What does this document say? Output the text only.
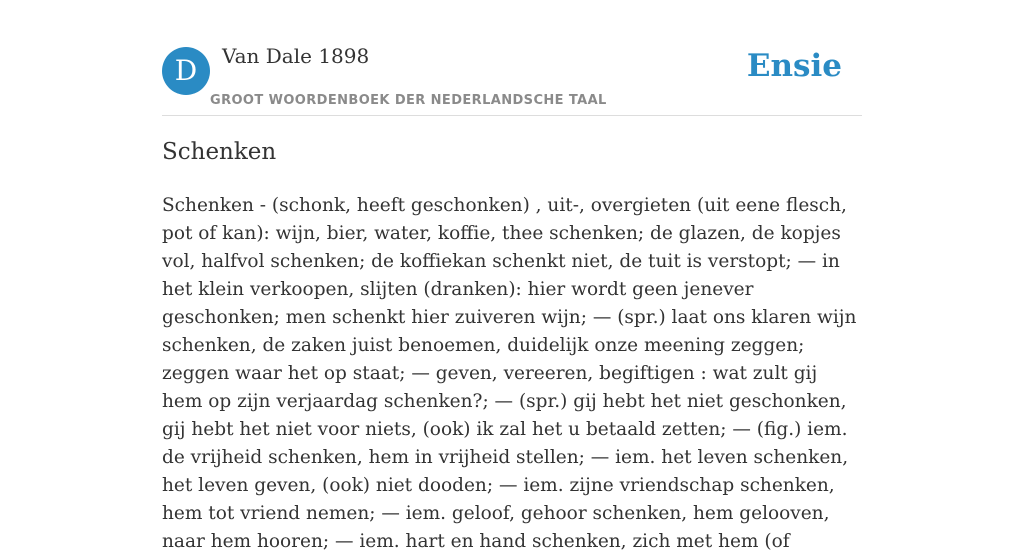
D	Van Dale 1898
GROOT WOORDENBOEK DER NEDERLANDSCHE TAAL
Ensie
Schenken

Schenken - (schonk, heeft geschonken) , uit-, overgieten (uit eene flesch, pot of kan): wijn, bier, water, koffie, thee schenken; de glazen, de kopjes vol, halfvol schenken; de koffiekan schenkt niet, de tuit is verstopt; — in het klein verkoopen, slijten (dranken): hier wordt geen jenever geschonken; men schenkt hier zuiveren wijn; — (spr.) laat ons klaren wijn schenken, de zaken juist benoemen, duidelijk onze meening zeggen; zeggen waar het op staat; — geven, vereeren, begiftigen : wat zult gij hem op zijn verjaardag schenken?; — (spr.) gij hebt het niet geschonken, gij hebt het niet voor niets, (ook) ik zal het u betaald zetten; — (fig.) iem. de vrijheid schenken, hem in vrijheid stellen; — iem. het leven schenken, het leven geven, (ook) niet dooden; — iem. zijne vriendschap schenken, hem tot vriend nemen; — iem. geloof, gehoor schenken, hem gelooven, naar hem hooren; — iem. hart en hand schenken, zich met hem (of
